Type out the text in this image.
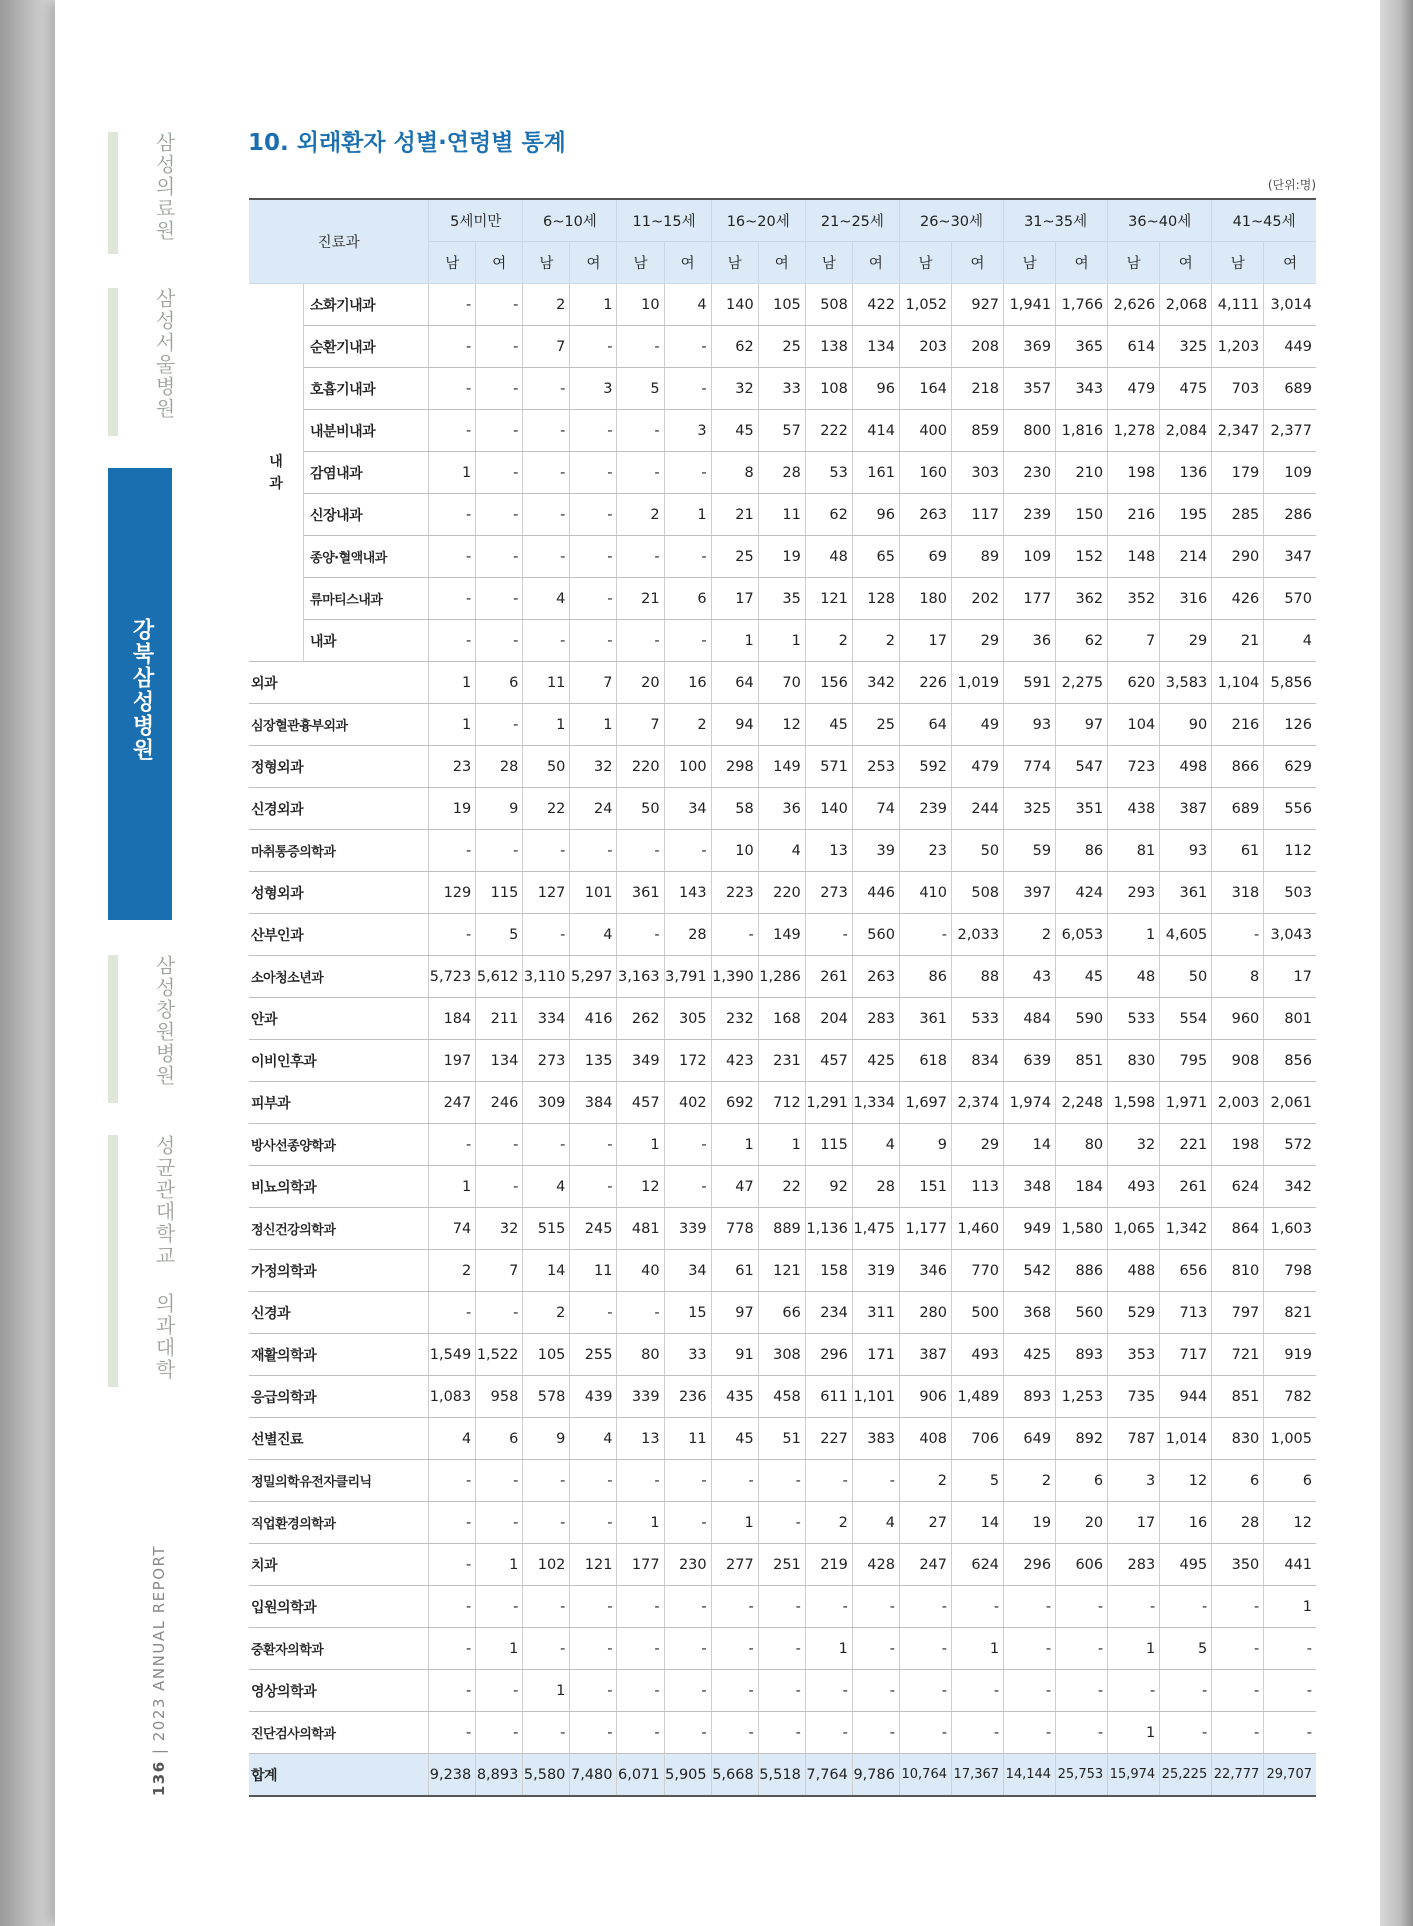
삼성의료원
삼성서울병원
강북삼성병원
삼성창원병원
성균관대학교 의과대학
136 | 2023 ANNUAL REPORT
10. 외래환자 성별·연령별 통계
(단위:명)
진료과		5세미만		6~10세		11~15세		16~20세		21~25세		26~30세		31~35세		36~40세		41~45세	
		남	여	남	여	남	여	남	여	남	여	남	여	남	여	남	여	남	여
내
과	소화기내과	-	-	2	1	10	4	140	105	508	422	1,052	927	1,941	1,766	2,626	2,068	4,111	3,014
	순환기내과	-	-	7	-	-	-	62	25	138	134	203	208	369	365	614	325	1,203	449
	호흡기내과	-	-	-	3	5	-	32	33	108	96	164	218	357	343	479	475	703	689
	내분비내과	-	-	-	-	-	3	45	57	222	414	400	859	800	1,816	1,278	2,084	2,347	2,377
	감염내과	1	-	-	-	-	-	8	28	53	161	160	303	230	210	198	136	179	109
	신장내과	-	-	-	-	2	1	21	11	62	96	263	117	239	150	216	195	285	286
	종양·혈액내과	-	-	-	-	-	-	25	19	48	65	69	89	109	152	148	214	290	347
	류마티스내과	-	-	4	-	21	6	17	35	121	128	180	202	177	362	352	316	426	570
	내과	-	-	-	-	-	-	1	1	2	2	17	29	36	62	7	29	21	4
외과		1	6	11	7	20	16	64	70	156	342	226	1,019	591	2,275	620	3,583	1,104	5,856
심장혈관흉부외과		1	-	1	1	7	2	94	12	45	25	64	49	93	97	104	90	216	126
정형외과		23	28	50	32	220	100	298	149	571	253	592	479	774	547	723	498	866	629
신경외과		19	9	22	24	50	34	58	36	140	74	239	244	325	351	438	387	689	556
마취통증의학과		-	-	-	-	-	-	10	4	13	39	23	50	59	86	81	93	61	112
성형외과		129	115	127	101	361	143	223	220	273	446	410	508	397	424	293	361	318	503
산부인과		-	5	-	4	-	28	-	149	-	560	-	2,033	2	6,053	1	4,605	-	3,043
소아청소년과		5,723	5,612	3,110	5,297	3,163	3,791	1,390	1,286	261	263	86	88	43	45	48	50	8	17
안과		184	211	334	416	262	305	232	168	204	283	361	533	484	590	533	554	960	801
이비인후과		197	134	273	135	349	172	423	231	457	425	618	834	639	851	830	795	908	856
피부과		247	246	309	384	457	402	692	712	1,291	1,334	1,697	2,374	1,974	2,248	1,598	1,971	2,003	2,061
방사선종양학과		-	-	-	-	1	-	1	1	115	4	9	29	14	80	32	221	198	572
비뇨의학과		1	-	4	-	12	-	47	22	92	28	151	113	348	184	493	261	624	342
정신건강의학과		74	32	515	245	481	339	778	889	1,136	1,475	1,177	1,460	949	1,580	1,065	1,342	864	1,603
가정의학과		2	7	14	11	40	34	61	121	158	319	346	770	542	886	488	656	810	798
신경과		-	-	2	-	-	15	97	66	234	311	280	500	368	560	529	713	797	821
재활의학과		1,549	1,522	105	255	80	33	91	308	296	171	387	493	425	893	353	717	721	919
응급의학과		1,083	958	578	439	339	236	435	458	611	1,101	906	1,489	893	1,253	735	944	851	782
선별진료		4	6	9	4	13	11	45	51	227	383	408	706	649	892	787	1,014	830	1,005
정밀의학유전자클리닉		-	-	-	-	-	-	-	-	-	-	2	5	2	6	3	12	6	6
직업환경의학과		-	-	-	-	1	-	1	-	2	4	27	14	19	20	17	16	28	12
치과		-	1	102	121	177	230	277	251	219	428	247	624	296	606	283	495	350	441
입원의학과		-	-	-	-	-	-	-	-	-	-	-	-	-	-	-	-	-	1
중환자의학과		-	1	-	-	-	-	-	-	1	-	-	1	-	-	1	5	-	-
영상의학과		-	-	1	-	-	-	-	-	-	-	-	-	-	-	-	-	-	-
진단검사의학과		-	-	-	-	-	-	-	-	-	-	-	-	-	-	1	-	-	-
합계		9,238	8,893	5,580	7,480	6,071	5,905	5,668	5,518	7,764	9,786	10,764	17,367	14,144	25,753	15,974	25,225	22,777	29,707
